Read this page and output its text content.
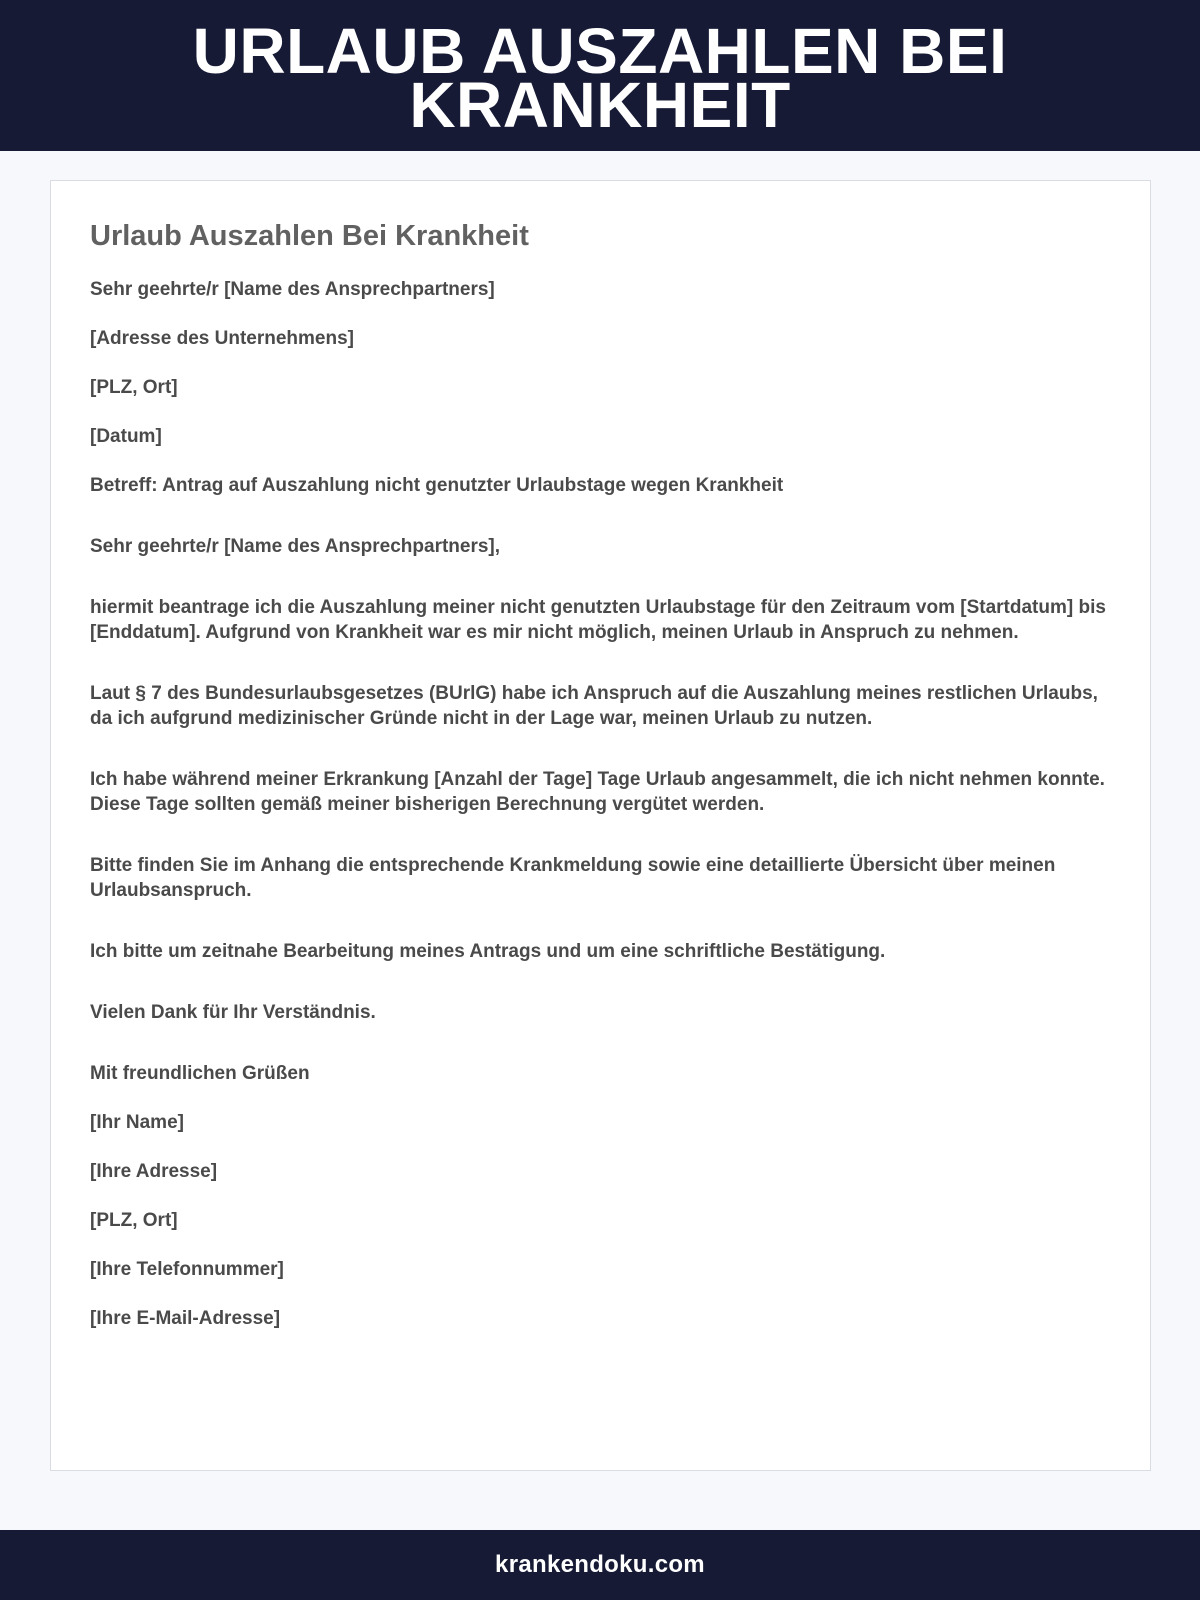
URLAUB AUSZAHLEN BEI KRANKHEIT
Urlaub Auszahlen Bei Krankheit
Sehr geehrte/r [Name des Ansprechpartners]
[Adresse des Unternehmens]
[PLZ, Ort]
[Datum]
Betreff: Antrag auf Auszahlung nicht genutzter Urlaubstage wegen Krankheit
Sehr geehrte/r [Name des Ansprechpartners],
hiermit beantrage ich die Auszahlung meiner nicht genutzten Urlaubstage für den Zeitraum vom [Startdatum] bis [Enddatum]. Aufgrund von Krankheit war es mir nicht möglich, meinen Urlaub in Anspruch zu nehmen.
Laut § 7 des Bundesurlaubsgesetzes (BUrlG) habe ich Anspruch auf die Auszahlung meines restlichen Urlaubs, da ich aufgrund medizinischer Gründe nicht in der Lage war, meinen Urlaub zu nutzen.
Ich habe während meiner Erkrankung [Anzahl der Tage] Tage Urlaub angesammelt, die ich nicht nehmen konnte. Diese Tage sollten gemäß meiner bisherigen Berechnung vergütet werden.
Bitte finden Sie im Anhang die entsprechende Krankmeldung sowie eine detaillierte Übersicht über meinen Urlaubsanspruch.
Ich bitte um zeitnahe Bearbeitung meines Antrags und um eine schriftliche Bestätigung.
Vielen Dank für Ihr Verständnis.
Mit freundlichen Grüßen
[Ihr Name]
[Ihre Adresse]
[PLZ, Ort]
[Ihre Telefonnummer]
[Ihre E-Mail-Adresse]
krankendoku.com
